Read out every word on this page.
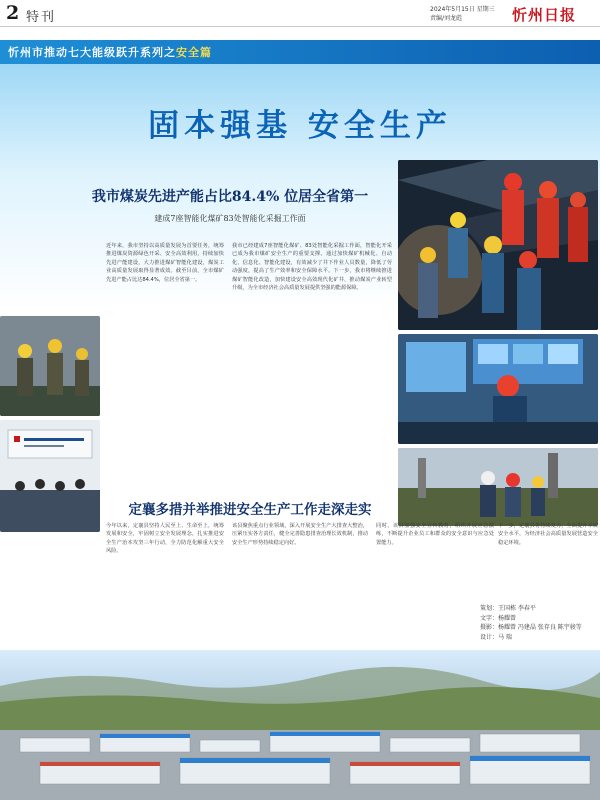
2 特刊
2024年5月15日 星期三
责编/刘龙彪	忻州日报
忻州市推动七大能级跃升系列之安全篇
固本强基 安全生产
我市煤炭先进产能占比84.4% 位居全省第一
建成7座智能化煤矿83处智能化采掘工作面
近年来，我市坚持以高质量发展为首要任务，统筹推进煤炭资源绿色开采、安全高效利用，持续加快先进产能建设，大力推进煤矿智能化建设，煤炭工业高质量发展取得显著成效。截至目前，全市煤矿先进产能占比达84.4%，位居全省第一。
我市已经建成7座智能化煤矿、83处智能化采掘工作面，智能化开采已成为我市煤矿安全生产的重要支撑。通过加快煤矿机械化、自动化、信息化、智能化建设，有效减少了井下作业人员数量，降低了劳动强度，提高了生产效率和安全保障水平。下一步，我市将继续推进煤矿智能化改造，加快建设安全高效现代化矿井，推动煤炭产业转型升级，为全市经济社会高质量发展提供坚强的能源保障。
定襄多措并举推进安全生产工作走深走实
今年以来，定襄县坚持人民至上、生命至上，统筹发展和安全，牢固树立安全发展理念，扎实推进安全生产治本攻坚三年行动，全力防范化解重大安全风险。
该县聚焦重点行业领域，深入开展安全生产大排查大整治，压紧压实各方责任，健全完善隐患排查治理长效机制，推动安全生产形势持续稳定向好。
同时，该县加强安全宣传教育，组织开展应急演练，不断提升企业员工和群众的安全意识与应急处置能力。
下一步，定襄县将持续发力，全面提升本质安全水平，为经济社会高质量发展营造安全稳定环境。
策划：王国栋 李春平
文字：杨耀曾
摄影：杨耀曾 冯建晶 张存良 陈宇骏等
设计：马 瑞
